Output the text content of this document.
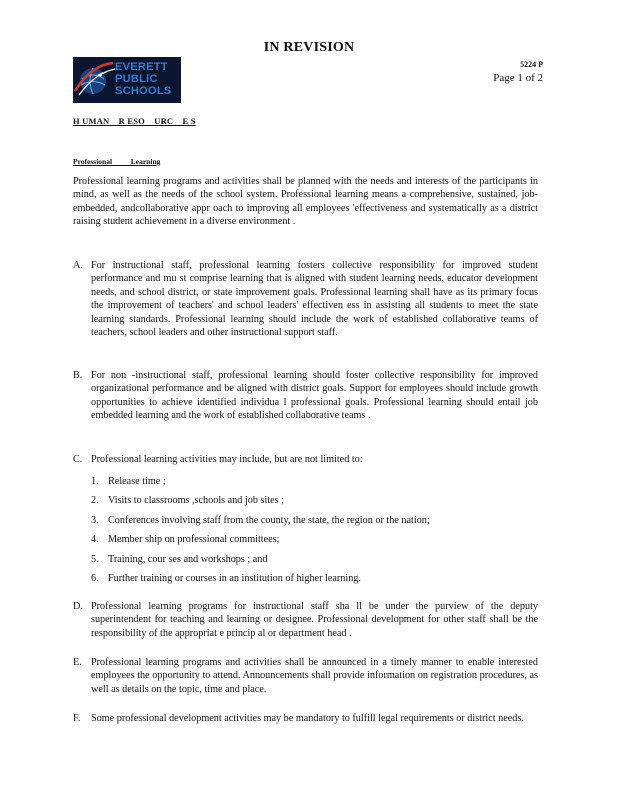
IN REVISION
EVERETT
PUBLIC
SCHOOLS
5224 P
Page 1 of 2
H UMAN    R ESO    URC    E S
Professional          Learning
Professional learning programs and activities shall be planned with the needs and interests of the participants in mind, as well as the needs of the school system. Professional learning means a comprehensive, sustained, job-embedded, andcollaborative appr oach to improving all employees 'effectiveness and systematically as a district raising student achievement in a diverse environment .
A. For instructional staff, professional learning fosters collective responsibility for improved student performance and mu st comprise learning that is aligned with student learning needs, educator development needs, and school district, or state improvement goals. Professional learning shall have as its primary focus the improvement of teachers' and school leaders' effectiven ess in assisting all students to meet the state learning standards. Professional learning should include the work of established collaborative teams of teachers, school leaders and other instructional support staff.
B. For non -instructional staff, professional learning should foster collective responsibility for improved organizational performance and be aligned with district goals. Support for employees should include growth opportunities to achieve identified individua l professional goals. Professional learning should entail job embedded learning and the work of established collaborative teams .
C. Professional learning activities may include, but are not limited to:
1. Release time ;
2. Visits to classrooms ,schools and job sites ;
3. Conferences involving staff from the county, the state, the region or the nation;
4. Member ship on professional committees;
5. Training, cour ses and workshops ; and
6. Further training or courses in an institution of higher learning.
D. Professional learning programs for instructional staff sha ll be under the purview of the deputy superintendent for teaching and learning or designee. Professional development for other staff shall be the responsibility of the appropriat e princip al or department head .
E. Professional learning programs and activities shall be announced in a timely manner to enable interested employees the opportunity to attend. Announcements shall provide information on registration procedures, as well as details on the topic, time and place.
F.	Some professional development activities may be mandatory to fulfill legal requirements or district needs.
